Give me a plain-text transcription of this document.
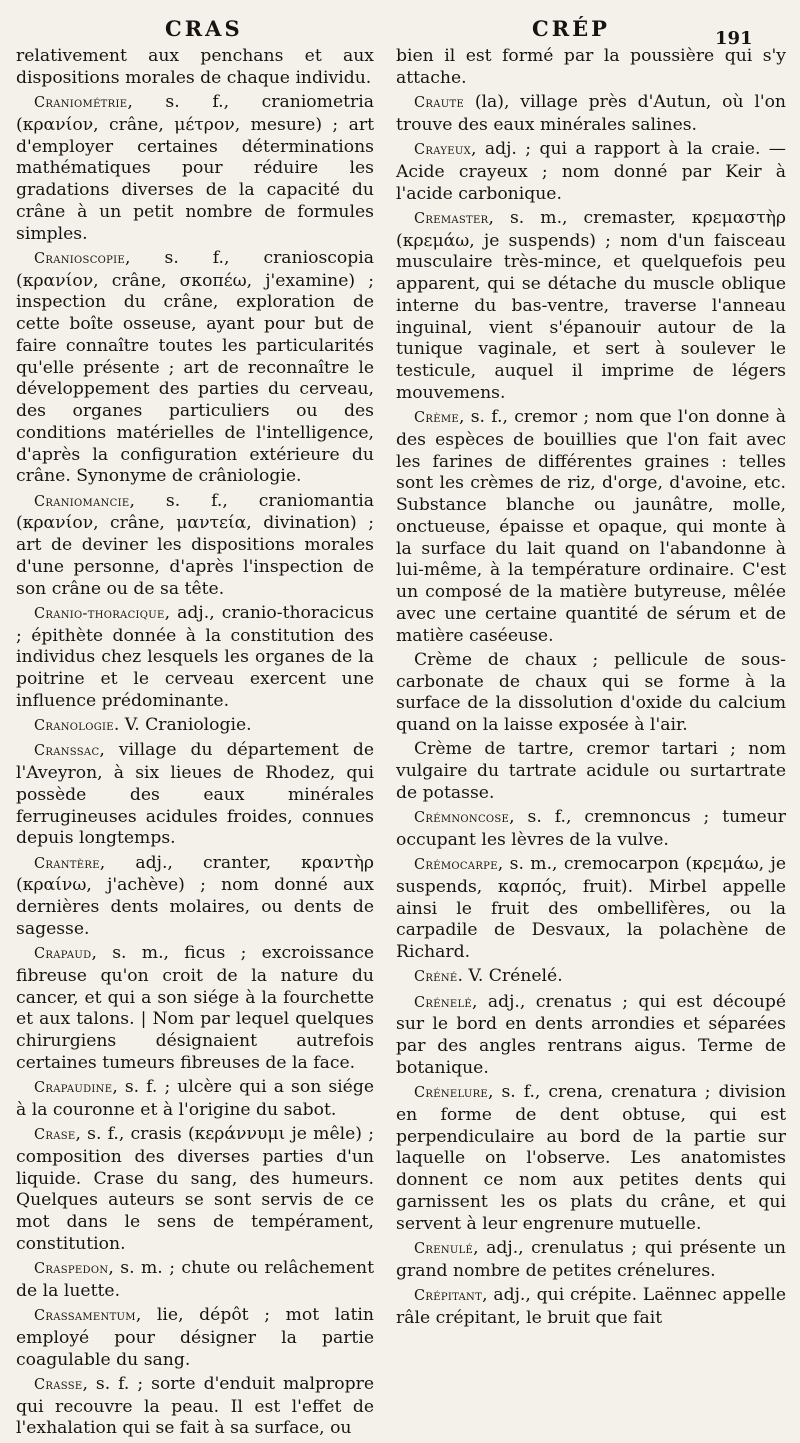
CRAS	CRÉP	191

relativement aux penchans et aux dispositions morales de chaque individu.

Craniométrie, s. f., craniometria (κρανίον, crâne, μέτρον, mesure) ; art d'employer certaines déterminations mathématiques pour réduire les gradations diverses de la capacité du crâne à un petit nombre de formules simples.

Cranioscopie, s. f., cranioscopia (κρανίον, crâne, σκοπέω, j'examine) ; inspection du crâne, exploration de cette boîte osseuse, ayant pour but de faire connaître toutes les particularités qu'elle présente ; art de reconnaître le développement des parties du cerveau, des organes particuliers ou des conditions matérielles de l'intelligence, d'après la configuration extérieure du crâne. Synonyme de crâniologie.

Craniomancie, s. f., craniomantia (κρανίον, crâne, μαντεία, divination) ; art de deviner les dispositions morales d'une personne, d'après l'inspection de son crâne ou de sa tête.

Cranio-thoracique, adj., cranio-thoracicus ; épithète donnée à la constitution des individus chez lesquels les organes de la poitrine et le cerveau exercent une influence prédominante.

Cranologie. V. Craniologie.

Cranssac, village du département de l'Aveyron, à six lieues de Rhodez, qui possède des eaux minérales ferrugineuses acidules froides, connues depuis longtemps.

Crantère, adj., cranter, κραντὴρ (κραίνω, j'achève) ; nom donné aux dernières dents molaires, ou dents de sagesse.

Crapaud, s. m., ficus ; excroissance fibreuse qu'on croit de la nature du cancer, et qui a son siége à la fourchette et aux talons. | Nom par lequel quelques chirurgiens désignaient autrefois certaines tumeurs fibreuses de la face.

Crapaudine, s. f. ; ulcère qui a son siége à la couronne et à l'origine du sabot.

Crase, s. f., crasis (κεράννυμι je mêle) ; composition des diverses parties d'un liquide. Crase du sang, des humeurs. Quelques auteurs se sont servis de ce mot dans le sens de tempérament, constitution.

Craspedon, s. m. ; chute ou relâchement de la luette.

Crassamentum, lie, dépôt ; mot latin employé pour désigner la partie coagulable du sang.

Crasse, s. f. ; sorte d'enduit malpropre qui recouvre la peau. Il est l'effet de l'exhalation qui se fait à sa surface, ou

bien il est formé par la poussière qui s'y attache.

Craute (la), village près d'Autun, où l'on trouve des eaux minérales salines.

Crayeux, adj. ; qui a rapport à la craie. — Acide crayeux ; nom donné par Keir à l'acide carbonique.

Cremaster, s. m., cremaster, κρεμαστὴρ (κρεμάω, je suspends) ; nom d'un faisceau musculaire très-mince, et quelquefois peu apparent, qui se détache du muscle oblique interne du bas-ventre, traverse l'anneau inguinal, vient s'épanouir autour de la tunique vaginale, et sert à soulever le testicule, auquel il imprime de légers mouvemens.

Crème, s. f., cremor ; nom que l'on donne à des espèces de bouillies que l'on fait avec les farines de différentes graines : telles sont les crèmes de riz, d'orge, d'avoine, etc. Substance blanche ou jaunâtre, molle, onctueuse, épaisse et opaque, qui monte à la surface du lait quand on l'abandonne à lui-même, à la température ordinaire. C'est un composé de la matière butyreuse, mêlée avec une certaine quantité de sérum et de matière caséeuse.

Crème de chaux ; pellicule de sous-carbonate de chaux qui se forme à la surface de la dissolution d'oxide du calcium quand on la laisse exposée à l'air.

Crème de tartre, cremor tartari ; nom vulgaire du tartrate acidule ou surtartrate de potasse.

Crémnoncose, s. f., cremnoncus ; tumeur occupant les lèvres de la vulve.

Crémocarpe, s. m., cremocarpon (κρεμάω, je suspends, καρπός, fruit). Mirbel appelle ainsi le fruit des ombellifères, ou la carpadile de Desvaux, la polachène de Richard.

Créné. V. Crénelé.

Crénelé, adj., crenatus ; qui est découpé sur le bord en dents arrondies et séparées par des angles rentrans aigus. Terme de botanique.

Crénelure, s. f., crena, crenatura ; division en forme de dent obtuse, qui est perpendiculaire au bord de la partie sur laquelle on l'observe. Les anatomistes donnent ce nom aux petites dents qui garnissent les os plats du crâne, et qui servent à leur engrenure mutuelle.

Crenulé, adj., crenulatus ; qui présente un grand nombre de petites crénelures.

Crépitant, adj., qui crépite. Laënnec appelle râle crépitant, le bruit que fait
